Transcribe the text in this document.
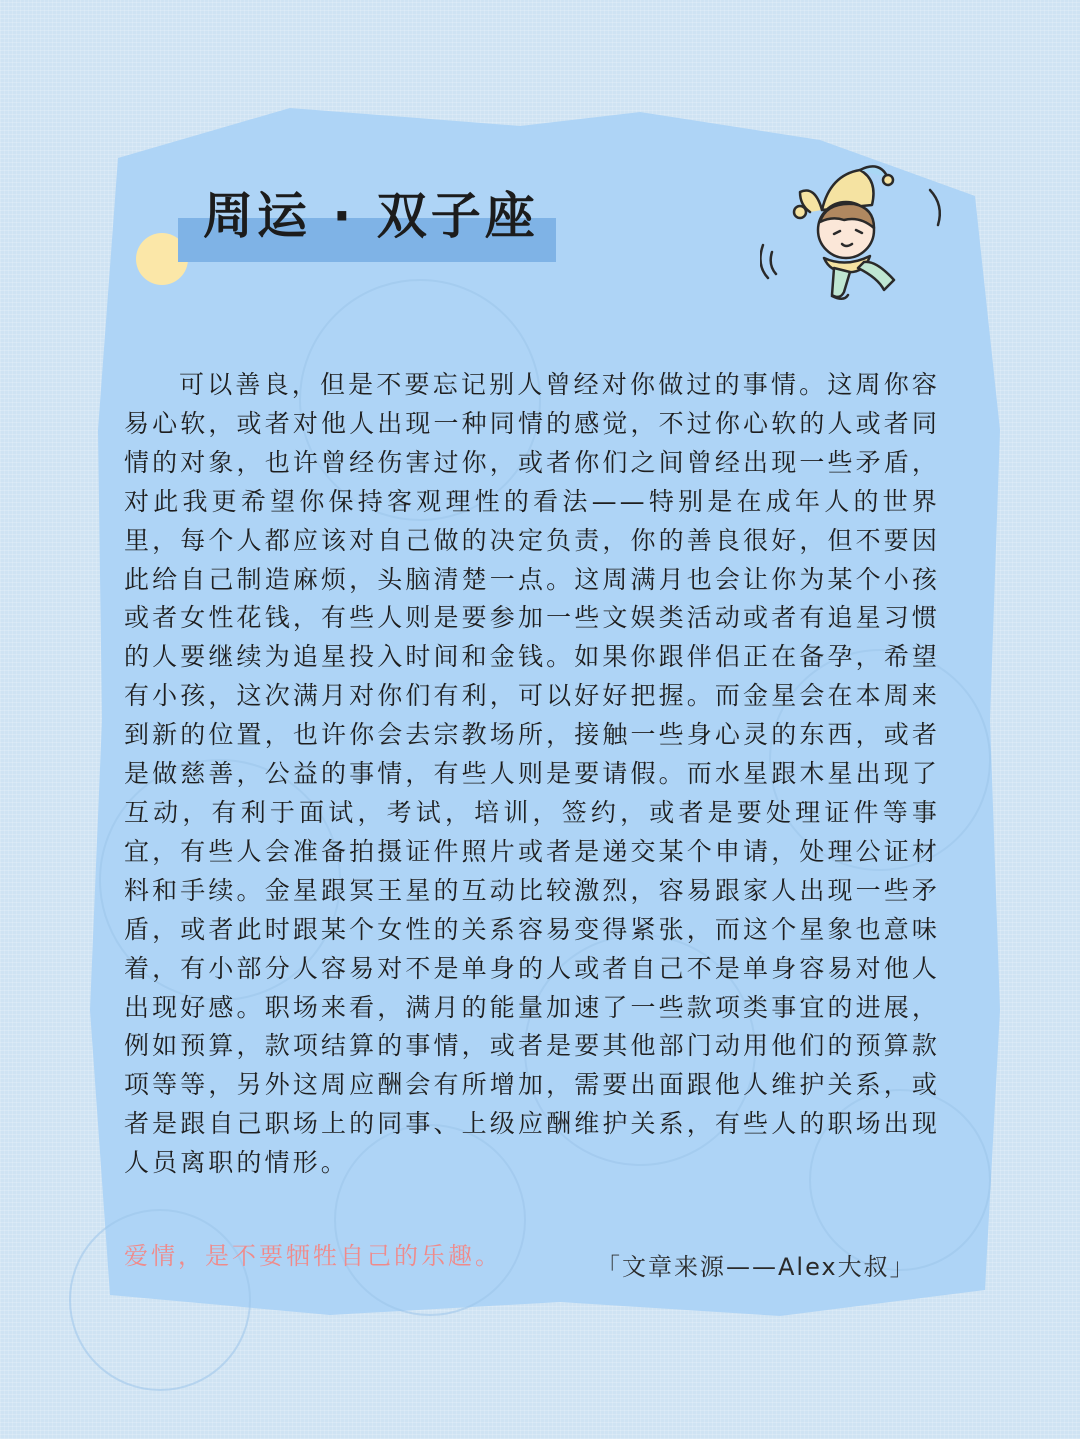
周运 · 双子座

可以善良，但是不要忘记别人曾经对你做过的事情。这周你容易心软，或者对他人出现一种同情的感觉，不过你心软的人或者同情的对象，也许曾经伤害过你，或者你们之间曾经出现一些矛盾，对此我更希望你保持客观理性的看法——特别是在成年人的世界里，每个人都应该对自己做的决定负责，你的善良很好，但不要因此给自己制造麻烦，头脑清楚一点。这周满月也会让你为某个小孩或者女性花钱，有些人则是要参加一些文娱类活动或者有追星习惯的人要继续为追星投入时间和金钱。如果你跟伴侣正在备孕，希望有小孩，这次满月对你们有利，可以好好把握。而金星会在本周来到新的位置，也许你会去宗教场所，接触一些身心灵的东西，或者是做慈善，公益的事情，有些人则是要请假。而水星跟木星出现了互动，有利于面试，考试，培训，签约，或者是要处理证件等事宜，有些人会准备拍摄证件照片或者是递交某个申请，处理公证材料和手续。金星跟冥王星的互动比较激烈，容易跟家人出现一些矛盾，或者此时跟某个女性的关系容易变得紧张，而这个星象也意味着，有小部分人容易对不是单身的人或者自己不是单身容易对他人出现好感。职场来看，满月的能量加速了一些款项类事宜的进展，例如预算，款项结算的事情，或者是要其他部门动用他们的预算款项等等，另外这周应酬会有所增加，需要出面跟他人维护关系，或者是跟自己职场上的同事、上级应酬维护关系，有些人的职场出现人员离职的情形。

爱情，是不要牺牲自己的乐趣。	「文章来源——Alex大叔」
